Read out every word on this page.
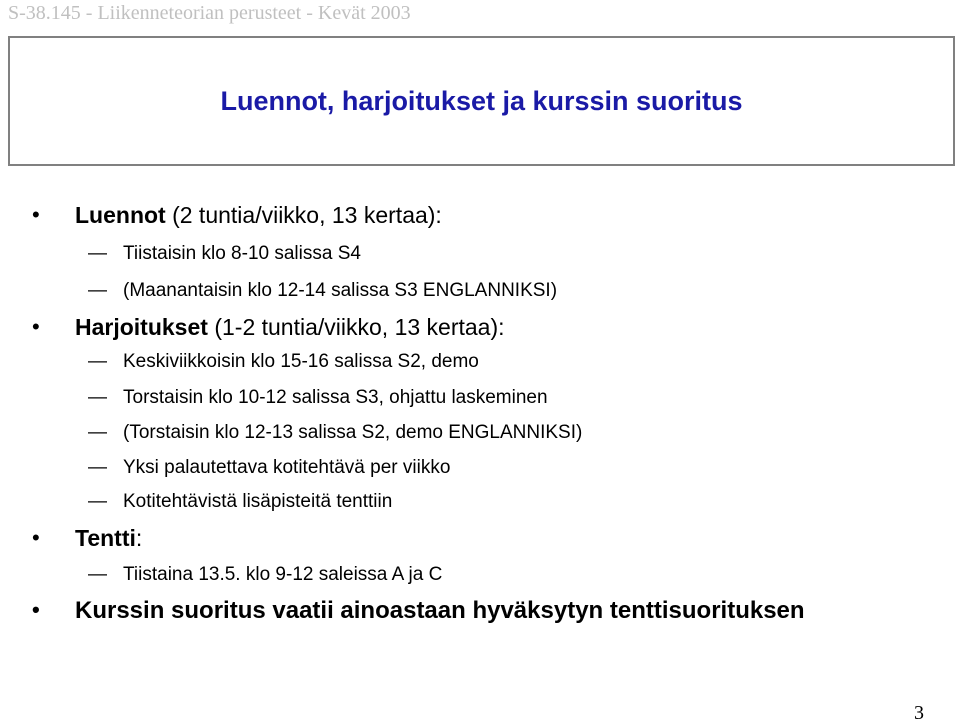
S-38.145 - Liikenneteorian perusteet - Kevät 2003
Luennot, harjoitukset ja kurssin suoritus
• Luennot (2 tuntia/viikko, 13 kertaa):
— Tiistaisin klo 8-10 salissa S4
— (Maanantaisin klo 12-14 salissa S3 ENGLANNIKSI)
• Harjoitukset (1-2 tuntia/viikko, 13 kertaa):
— Keskiviikkoisin klo 15-16 salissa S2, demo
— Torstaisin klo 10-12 salissa S3, ohjattu laskeminen
— (Torstaisin klo 12-13 salissa S2, demo ENGLANNIKSI)
— Yksi palautettava kotitehtävä per viikko
— Kotitehtävistä lisäpisteitä tenttiin
• Tentti:
— Tiistaina 13.5. klo 9-12 saleissa A ja C
• Kurssin suoritus vaatii ainoastaan hyväksytyn tenttisuorituksen
3
